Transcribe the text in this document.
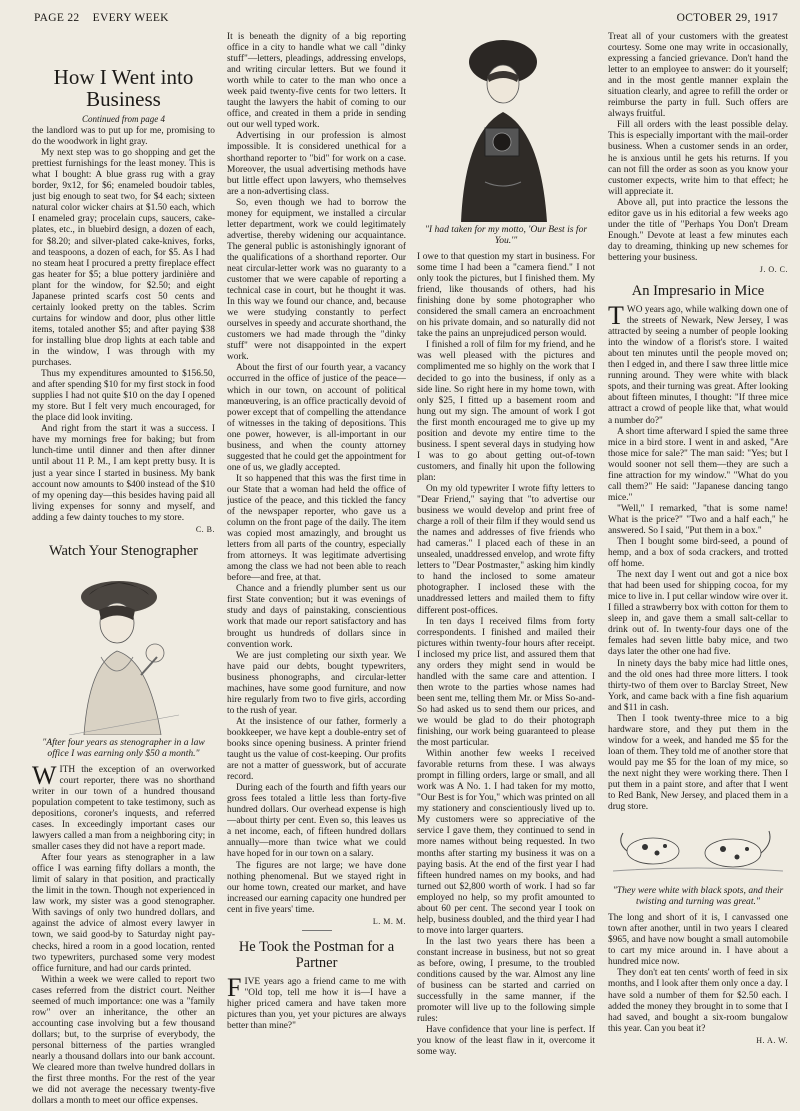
PAGE 22 EVERY WEEK	OCTOBER 29, 1917
How I Went into Business
Continued from page 4

the landlord was to put up for me, promising to do the woodwork in light gray.

My next step was to go shopping and get the prettiest furnishings for the least money. This is what I bought: A blue grass rug with a gray border, 9x12, for $6; enameled boudoir tables, just big enough to seat two, for $4 each; sixteen natural color wicker chairs at $1.50 each, which I enameled gray; procelain cups, saucers, cake-plates, etc., in bluebird design, a dozen of each, for $8.20; and silver-plated cake-knives, forks, and teaspoons, a dozen of each, for $5. As I had no steam heat I procured a pretty fireplace effect gas heater for $5; a blue pottery jardinière and plant for the window, for $2.50; and eight Japanese printed scarfs cost 50 cents and certainly looked pretty on the tables. Scrim curtains for window and door, plus other little items, totaled another $5; and after paying $38 for installing blue drop lights at each table and in the window, I was through with my purchases.

Thus my expenditures amounted to $156.50, and after spending $10 for my first stock in food supplies I had not quite $10 on the day I opened my store. But I felt very much encouraged, for the place did look inviting.

And right from the start it was a success. I have my mornings free for baking; but from lunch-time until dinner and then after dinner until about 11 P. M., I am kept pretty busy. It is just a year since I started in business. My bank account now amounts to $400 instead of the $10 of my opening day—this besides having paid all living expenses for sonny and myself, and adding a few dainty touches to my store.

C. B.
Watch Your Stenographer
"After four years as stenographer in a law office I was earning only $50 a month."

WITH the exception of an overworked court reporter, there was no shorthand writer in our town of a hundred thousand population competent to take testimony, such as depositions, coroner's inquests, and referred cases. In exceedingly important cases our lawyers called a man from a neighboring city; in smaller cases they did not have a report made.

After four years as stenographer in a law office I was earning fifty dollars a month, the limit of salary in that position, and practically the limit in the town. Though not experienced in law work, my sister was a good stenographer. With savings of only two hundred dollars, and against the advice of almost every lawyer in town, we said good-by to Saturday night pay-checks, hired a room in a good location, rented two typewriters, purchased some very modest office furniture, and had our cards printed.

Within a week we were called to report two cases referred from the district court. Neither seemed of much importance: one was a "family row" over an inheritance, the other an accounting case involving but a few thousand dollars; but, to the surprise of everybody, the personal bitterness of the parties wrangled nearly a thousand dollars into our bank account. We cleared more than twelve hundred dollars in the first three months. For the rest of the year we did not average the necessary twenty-five dollars a month to meet our office expenses.

It is beneath the dignity of a big reporting office in a city to handle what we call "dinky stuff"—letters, pleadings, addressing envelops, and writing circular letters. But we found it worth while to cater to the man who once a week paid twenty-five cents for two letters. It taught the lawyers the habit of coming to our office, and created in them a pride in sending out our well typed work.

Advertising in our profession is almost impossible. It is considered unethical for a shorthand reporter to "bid" for work on a case. Moreover, the usual advertising methods have but little effect upon lawyers, who themselves are a non-advertising class.

So, even though we had to borrow the money for equipment, we installed a circular letter department, work we could legitimately advertise, thereby widening our acquaintance. The general public is astonishingly ignorant of the qualifications of a shorthand reporter. Our neat circular-letter work was no guaranty to a customer that we were capable of reporting a technical case in court, but he thought it was. In this way we found our chance, and, because we were studying constantly to perfect ourselves in speedy and accurate shorthand, the customers we had made through the "dinky stuff" were not disappointed in the expert work.

About the first of our fourth year, a vacancy occurred in the office of justice of the peace—which in our town, on account of political manœuvering, is an office practically devoid of power except that of compelling the attendance of witnesses in the taking of depositions. This one power, however, is all-important in our business, and when the county attorney suggested that he could get the appointment for one of us, we gladly accepted.

It so happened that this was the first time in our State that a woman had held the office of justice of the peace, and this tickled the fancy of the newspaper reporter, who gave us a column on the front page of the daily. The item was copied most amazingly, and brought us letters from all parts of the country, especially from attorneys. It was legitimate advertising among the class we had not been able to reach before—and free, at that.

Chance and a friendly plumber sent us our first State convention; but it was evenings of study and days of painstaking, conscientious work that made our report satisfactory and has brought us hundreds of dollars since in convention work.

We are just completing our sixth year. We have paid our debts, bought typewriters, business phonographs, and circular-letter machines, have some good furniture, and now hire regularly from two to five girls, according to the rush of year.

At the insistence of our father, formerly a bookkeeper, we have kept a double-entry set of books since opening business. A printer friend taught us the value of cost-keeping. Our profits are not a matter of guesswork, but of accurate record.

During each of the fourth and fifth years our gross fees totaled a little less than forty-five hundred dollars. Our overhead expense is high—about thirty per cent. Even so, this leaves us a net income, each, of fifteen hundred dollars annually—more than twice what we could have hoped for in our town on a salary.

The figures are not large; we have done nothing phenomenal. But we stayed right in our home town, created our market, and have increased our earning capacity one hundred per cent in five years' time.

L. M. M.
He Took the Postman for a Partner

FIVE years ago a friend came to me with "Old top, tell me how it is—I have a higher priced camera and have taken more pictures than you, yet your pictures are always better than mine?"

"I had taken for my motto, 'Our Best is for You.'"

I owe to that question my start in business. For some time I had been a "camera fiend." I not only took the pictures, but I finished them. My friend, like thousands of others, had his finishing done by some photographer who considered the small camera an encroachment on his private domain, and so naturally did not take the pains an unprejudiced person would.

I finished a roll of film for my friend, and he was well pleased with the pictures and complimented me so highly on the work that I decided to go into the business, if only as a side line. So right here in my home town, with only $25, I fitted up a basement room and hung out my sign. The amount of work I got the first month encouraged me to give up my position and devote my entire time to the business. I spent several days in studying how I was to go about getting out-of-town customers, and finally hit upon the following plan:

On my old typewriter I wrote fifty letters to "Dear Friend," saying that "to advertise our business we would develop and print free of charge a roll of their film if they would send us the names and addresses of five friends who had cameras." I placed each of these in an unsealed, unaddressed envelop, and wrote fifty letters to "Dear Postmaster," asking him kindly to hand the inclosed to some amateur photographer. I inclosed these with the unaddressed letters and mailed them to fifty different post-offices.

In ten days I received films from forty correspondents. I finished and mailed their pictures within twenty-four hours after receipt. I inclosed my price list, and assured them that any orders they might send in would be handled with the same care and attention. I then wrote to the parties whose names had been sent me, telling them Mr. or Miss So-and-So had asked us to send them our prices, and we would be glad to do their photograph finishing, our work being guaranteed to please the most particular.

Within another few weeks I received favorable returns from these. I was always prompt in filling orders, large or small, and all work was A No. 1. I had taken for my motto, "Our Best is for You," which was printed on all my stationery and conscientiously lived up to. My customers were so appreciative of the service I gave them, they continued to send in more names without being requested. In two months after starting my business it was on a paying basis. At the end of the first year I had fifteen hundred names on my books, and had turned out $2,800 worth of work. I had so far employed no help, so my profit amounted to about 60 per cent. The second year I took on help, business doubled, and the third year I had to move into larger quarters.

In the last two years there has been a constant increase in business, but not so great as before, owing, I presume, to the troubled conditions caused by the war. Almost any line of business can be started and carried on successfully in the same manner, if the promoter will live up to the following simple rules:

Have confidence that your line is perfect. If you know of the least flaw in it, overcome it some way.

Treat all of your customers with the greatest courtesy. Some one may write in occasionally, expressing a fancied grievance. Don't hand the letter to an employee to answer: do it yourself; and in the most gentle manner explain the situation clearly, and agree to refill the order or reimburse the party in full. Such offers are always fruitful.

Fill all orders with the least possible delay. This is especially important with the mail-order business. When a customer sends in an order, he is anxious until he gets his returns. If you can not fill the order as soon as you know your customer expects, write him to that effect; he will appreciate it.

Above all, put into practice the lessons the editor gave us in his editorial a few weeks ago under the title of "Perhaps You Don't Dream Enough." Devote at least a few minutes each day to dreaming, thinking up new schemes for bettering your business.

J. O. C.
An Impresario in Mice

TWO years ago, while walking down one of the streets of Newark, New Jersey, I was attracted by seeing a number of people looking into the window of a florist's store. I waited about ten minutes until the people moved on; then I edged in, and there I saw three little mice running around. They were white with black spots, and their turning was great. After looking about fifteen minutes, I thought: "If three mice attract a crowd of people like that, what would a number do?"

A short time afterward I spied the same three mice in a bird store. I went in and asked, "Are those mice for sale?" The man said: "Yes; but I would sooner not sell them—they are such a fine attraction for my window." "What do you call them?" He said: "Japanese dancing tango mice."

"Well," I remarked, "that is some name! What is the price?" "Two and a half each," he answered. So I said, "Put them in a box."

Then I bought some bird-seed, a pound of hemp, and a box of soda crackers, and trotted off home.

The next day I went out and got a nice box that had been used for shipping cocoa, for my mice to live in. I put cellar window wire over it. I filled a strawberry box with cotton for them to sleep in, and gave them a small salt-cellar to drink out of. In twenty-four days one of the females had seven little baby mice, and two days later the other one had five.

In ninety days the baby mice had little ones, and the old ones had three more litters. I took thirty-two of them over to Barclay Street, New York, and came back with a fine fish aquarium and $11 in cash.

Then I took twenty-three mice to a big hardware store, and they put them in the window for a week, and handed me $5 for the loan of them. They told me of another store that would pay me $5 for the loan of my mice, so the next night they were working there. Then I put them in a paint store, and after that I went to Red Bank, New Jersey, and placed them in a drug store.

"They were white with black spots, and their twisting and turning was great."

The long and short of it is, I canvassed one town after another, until in two years I cleared $965, and have now bought a small automobile to cart my mice around in. I have about a hundred mice now.

They don't eat ten cents' worth of feed in six months, and I look after them only once a day. I have sold a number of them for $2.50 each. I added the money they brought in to some that I had saved, and bought a six-room bungalow this year. Can you beat it?

H. A. W.
